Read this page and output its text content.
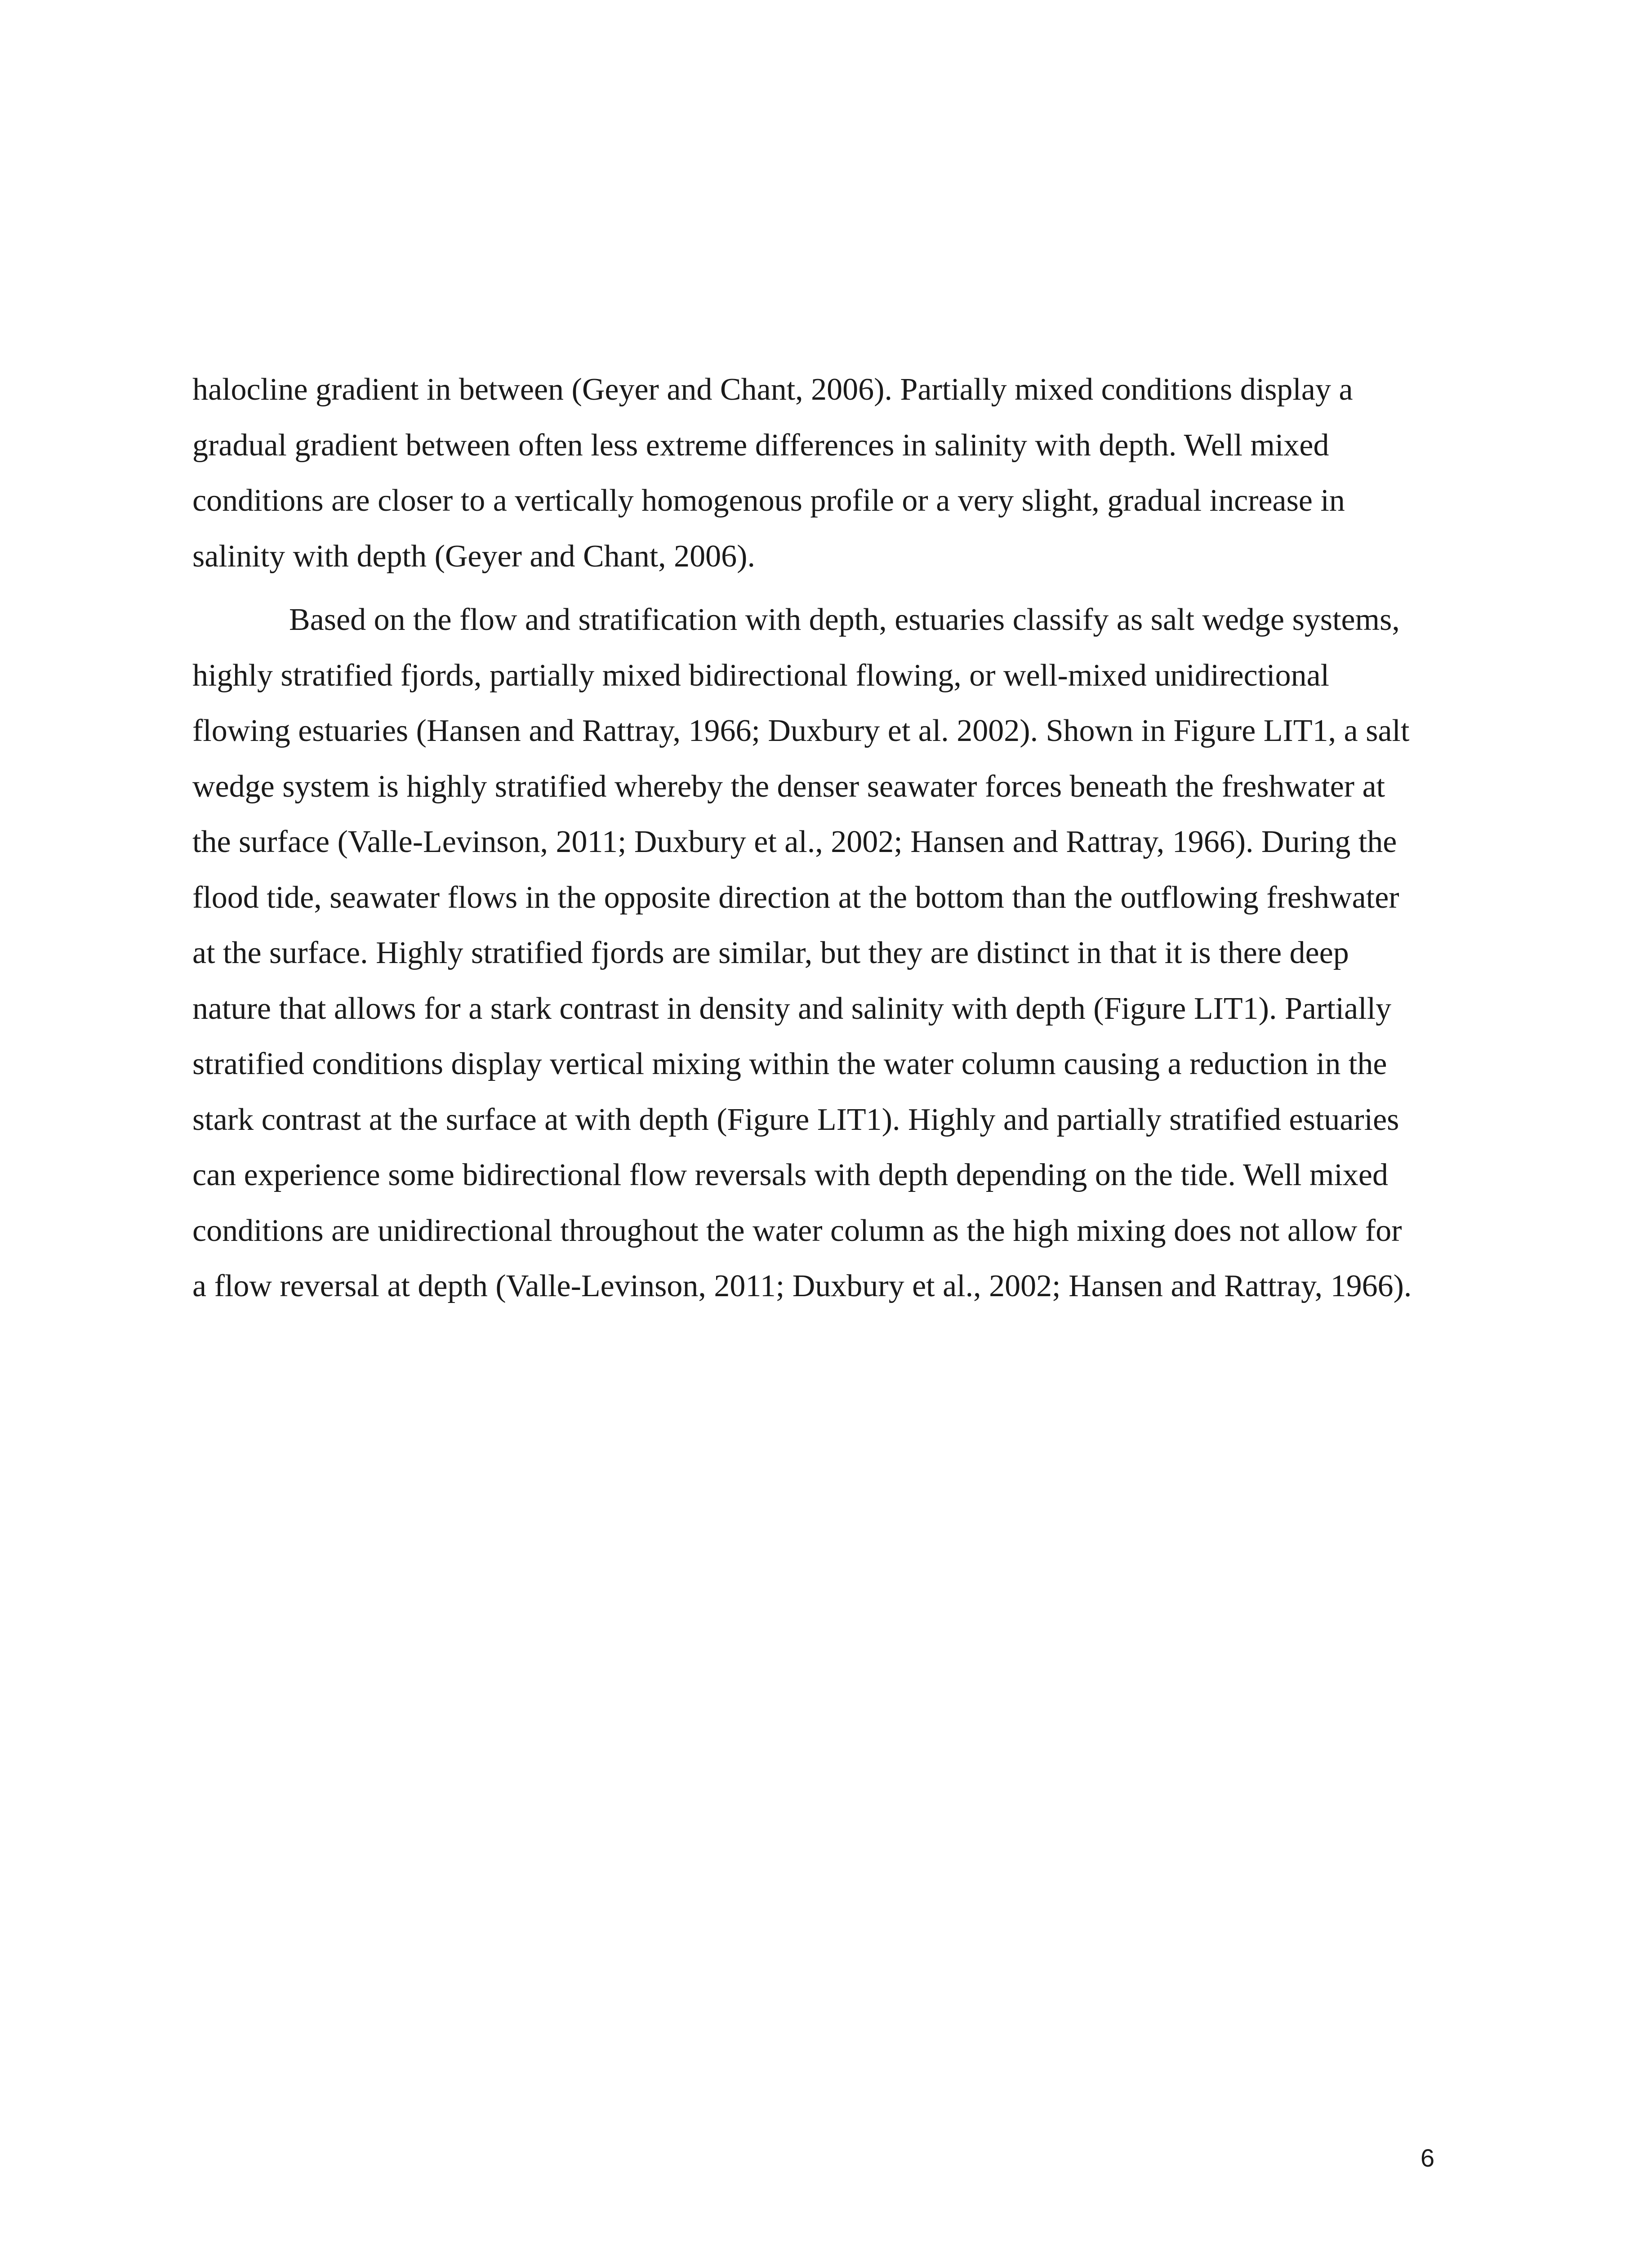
halocline gradient in between (Geyer and Chant, 2006). Partially mixed conditions display a
gradual gradient between often less extreme differences in salinity with depth. Well mixed
conditions are closer to a vertically homogenous profile or a very slight, gradual increase in
salinity with depth (Geyer and Chant, 2006).
Based on the flow and stratification with depth, estuaries classify as salt wedge systems,
highly stratified fjords, partially mixed bidirectional flowing, or well-mixed unidirectional
flowing estuaries (Hansen and Rattray, 1966; Duxbury et al. 2002). Shown in Figure LIT1, a salt
wedge system is highly stratified whereby the denser seawater forces beneath the freshwater at
the surface (Valle-Levinson, 2011; Duxbury et al., 2002; Hansen and Rattray, 1966). During the
flood tide, seawater flows in the opposite direction at the bottom than the outflowing freshwater
at the surface. Highly stratified fjords are similar, but they are distinct in that it is there deep
nature that allows for a stark contrast in density and salinity with depth (Figure LIT1). Partially
stratified conditions display vertical mixing within the water column causing a reduction in the
stark contrast at the surface at with depth (Figure LIT1). Highly and partially stratified estuaries
can experience some bidirectional flow reversals with depth depending on the tide. Well mixed
conditions are unidirectional throughout the water column as the high mixing does not allow for
a flow reversal at depth (Valle-Levinson, 2011; Duxbury et al., 2002; Hansen and Rattray, 1966).
6
